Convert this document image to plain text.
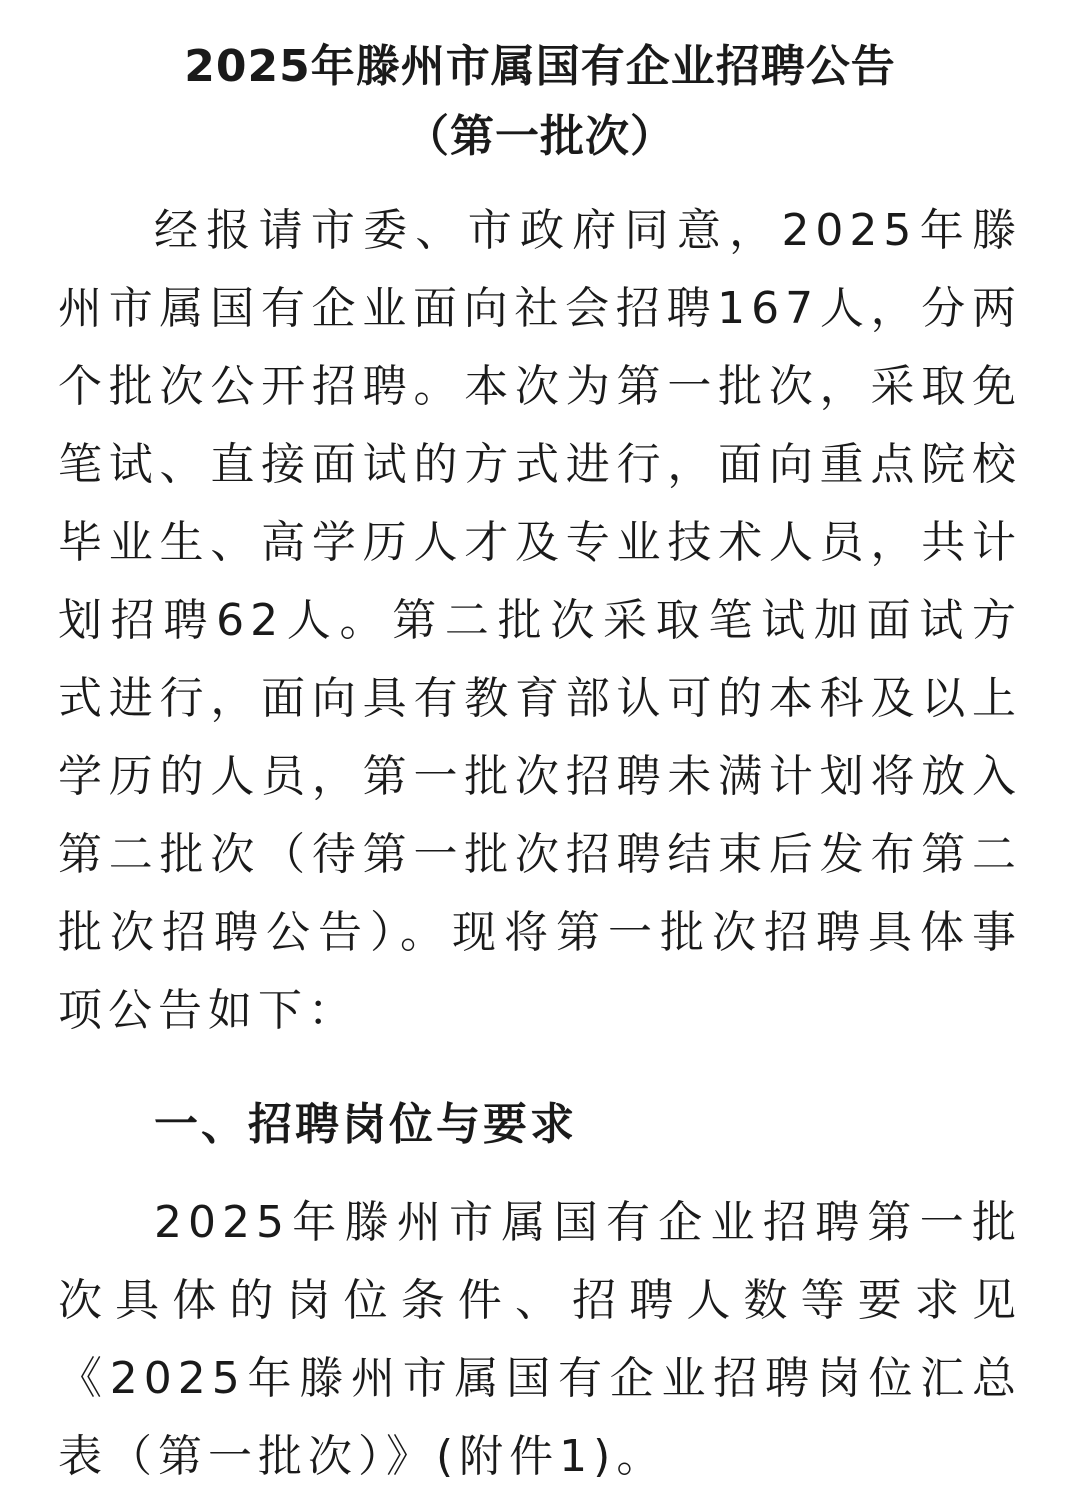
2025年滕州市属国有企业招聘公告
（第一批次）

经报请市委、市政府同意，2025年滕州市属国有企业面向社会招聘167人，分两个批次公开招聘。本次为第一批次，采取免笔试、直接面试的方式进行，面向重点院校毕业生、高学历人才及专业技术人员，共计划招聘62人。第二批次采取笔试加面试方式进行，面向具有教育部认可的本科及以上学历的人员，第一批次招聘未满计划将放入第二批次（待第一批次招聘结束后发布第二批次招聘公告）。现将第一批次招聘具体事项公告如下：

一、招聘岗位与要求

2025年滕州市属国有企业招聘第一批次具体的岗位条件、招聘人数等要求见《2025年滕州市属国有企业招聘岗位汇总表（第一批次）》(附件1)。
